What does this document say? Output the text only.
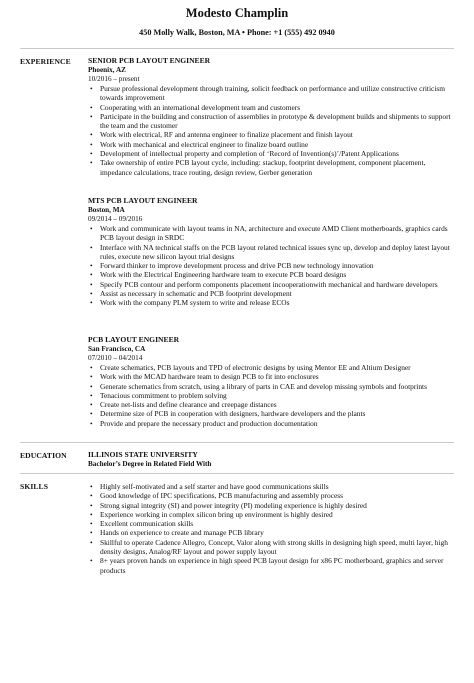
Modesto Champlin
450 Molly Walk, Boston, MA • Phone: +1 (555) 492 0940
EXPERIENCE SENIOR PCB LAYOUT ENGINEER
Phoenix, AZ
10/2016 – present
• Pursue professional development through training, solicit feedback on performance and utilize constructive criticism towards improvement
• Cooperating with an international development team and customers
• Participate in the building and construction of assemblies in prototype & development builds and shipments to support the team and the customer
• Work with electrical, RF and antenna engineer to finalize placement and finish layout
• Work with mechanical and electrical engineer to finalize board outline
• Development of intellectual property and completion of ‘Record of Invention(s)’/Patent Applications
• Take ownership of entire PCB layout cycle, including: stackup, footprint development, component placement, impedance calculations, trace routing, design review, Gerber generation
MTS PCB LAYOUT ENGINEER
Boston, MA
09/2014 – 09/2016
• Work and communicate with layout teams in NA, architecture and execute AMD Client motherboards, graphics cards PCB layout design in SRDC
• Interface with NA technical staffs on the PCB layout related technical issues sync up, develop and deploy latest layout rules, execute new silicon layout trial designs
• Forward thinker to improve development process and drive PCB new technology innovation
• Work with the Electrical Engineering hardware team to execute PCB board designs
• Specify PCB contour and perform components placement incooperationwith mechanical and hardware developers
• Assist as necessary in schematic and PCB footprint development
• Work with the company PLM system to write and release ECOs
PCB LAYOUT ENGINEER
San Francisco, CA
07/2010 – 04/2014
• Create schematics, PCB layouts and TPD of electronic designs by using Mentor EE and Altium Designer
• Work with the MCAD hardware team to design PCB to fit into enclosures
• Generate schematics from scratch, using a library of parts in CAE and develop missing symbols and footprints
• Tenacious commitment to problem solving
• Create net-lists and define clearance and creepage distances
• Determine size of PCB in cooperation with designers, hardware developers and the plants
• Provide and prepare the necessary product and production documentation
EDUCATION	ILLINOIS STATE UNIVERSITY
Bachelor’s Degree in Related Field With
SKILLS
•	Highly self-motivated and a self starter and have good communications skills
• Good knowledge of IPC specifications, PCB manufacturing and assembly process
• Strong signal integrity (SI) and power integrity (PI) modeling experience is highly desired
• Experience working in complex silicon bring up environment is highly desired
• Excellent communication skills
• Hands on experience to create and manage PCB library
• Skillful to operate Cadence Allegro, Concept, Valor along with strong skills in designing high speed, multi layer, high density designs, Analog/RF layout and power supply layout
• 8+ years proven hands on experience in high speed PCB layout design for x86 PC motherboard, graphics and server products
